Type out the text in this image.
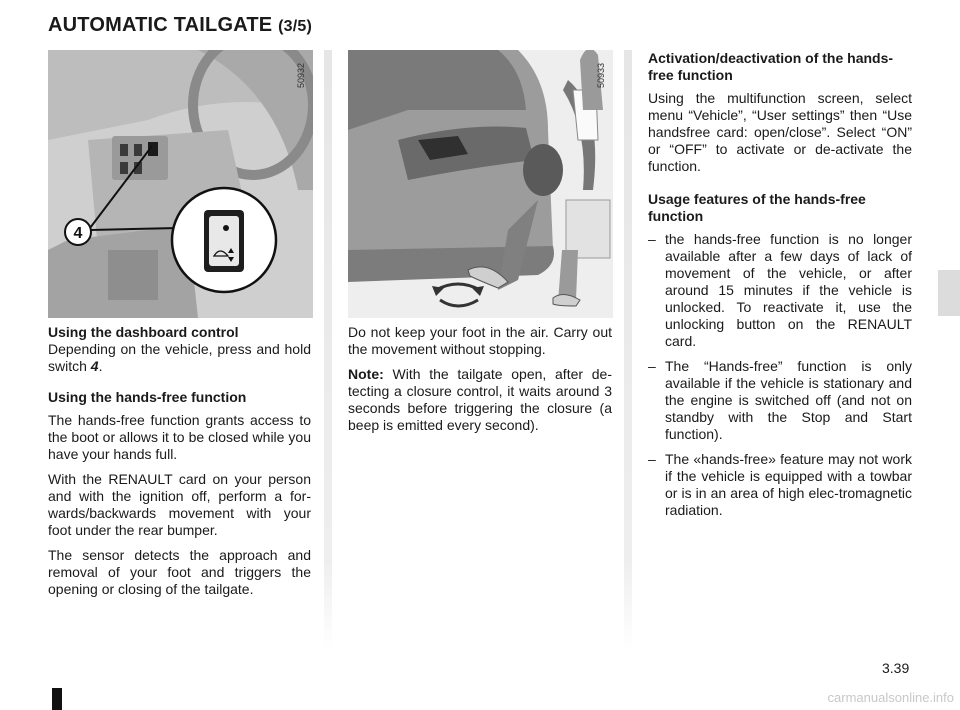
AUTOMATIC TAILGATE (3/5)
4
50932	50933
Using the dashboard control

Depending on the vehicle, press and hold switch 4.

Using the hands-free function

The hands-free function grants access to the boot or allows it to be closed while you have your hands full.

With the RENAULT card on your person and with the ignition off, perform a for-wards/backwards movement with your foot under the rear bumper.

The sensor detects the approach and removal of your foot and triggers the opening or closing of the tailgate.

Do not keep your foot in the air. Carry out the movement without stopping.

Note: With the tailgate open, after de-tecting a closure control, it waits around 3 seconds before triggering the closure (a beep is emitted every second).

Activation/deactivation of the hands-free function

Using the multifunction screen, select menu “Vehicle”, “User settings” then “Use handsfree card: open/close”. Select “ON” or “OFF” to activate or de-activate the function.

Usage features of the hands-free function
– the hands-free function is no longer available after a few days of lack of movement of the vehicle, or after around 15 minutes if the vehicle is unlocked. To reactivate it, use the unlocking button on the RENAULT card.
– The “Hands-free” function is only available if the vehicle is stationary and the engine is switched off (and not on standby with the Stop and Start function).
– The «hands-free» feature may not work if the vehicle is equipped with a towbar or is in an area of high elec-tromagnetic radiation.
3.39
carmanualsonline.info
